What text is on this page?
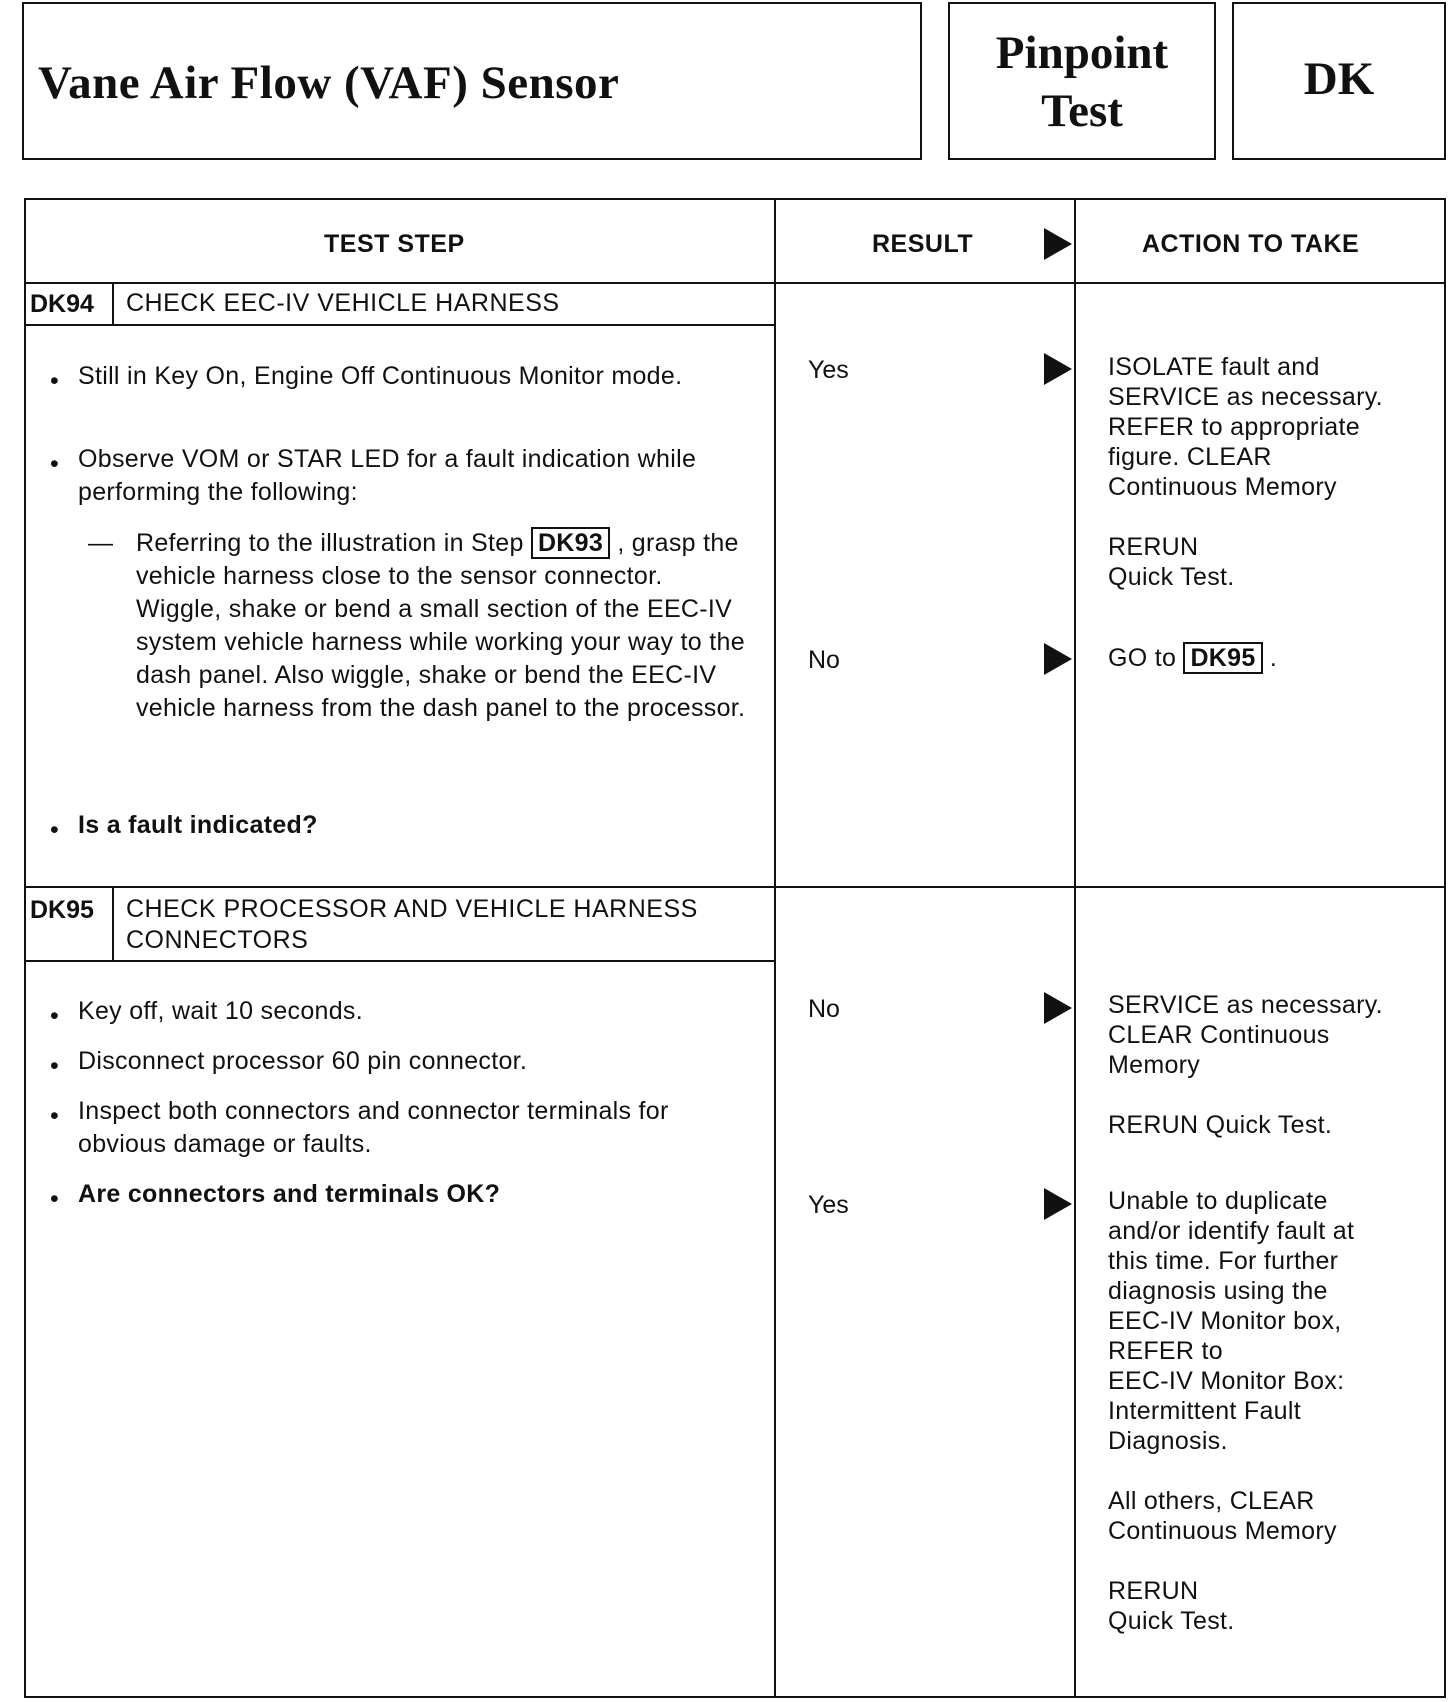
Vane Air Flow (VAF) Sensor
Pinpoint Test
DK
TEST STEP	RESULT	ACTION TO TAKE
DK94 CHECK EEC-IV VEHICLE HARNESS
• Still in Key On, Engine Off Continuous Monitor mode.
• Observe VOM or STAR LED for a fault indication while performing the following:
— Referring to the illustration in Step DK93 , grasp the vehicle harness close to the sensor connector. Wiggle, shake or bend a small section of the EEC-IV system vehicle harness while working your way to the dash panel. Also wiggle, shake or bend the EEC-IV vehicle harness from the dash panel to the processor.
• Is a fault indicated?
Yes	ISOLATE fault and
SERVICE as necessary.
REFER to appropriate
figure. CLEAR
Continuous Memory

RERUN
Quick Test.
No	GO to DK95 .
DK95 CHECK PROCESSOR AND VEHICLE HARNESS CONNECTORS
• Key off, wait 10 seconds.
• Disconnect processor 60 pin connector.
• Inspect both connectors and connector terminals for obvious damage or faults.
• Are connectors and terminals OK?
No	SERVICE as necessary.
CLEAR Continuous
Memory

RERUN Quick Test.
Yes	Unable to duplicate
and/or identify fault at
this time. For further
diagnosis using the
EEC-IV Monitor box,
REFER to
EEC-IV Monitor Box:
Intermittent Fault
Diagnosis.

All others, CLEAR
Continuous Memory

RERUN
Quick Test.
